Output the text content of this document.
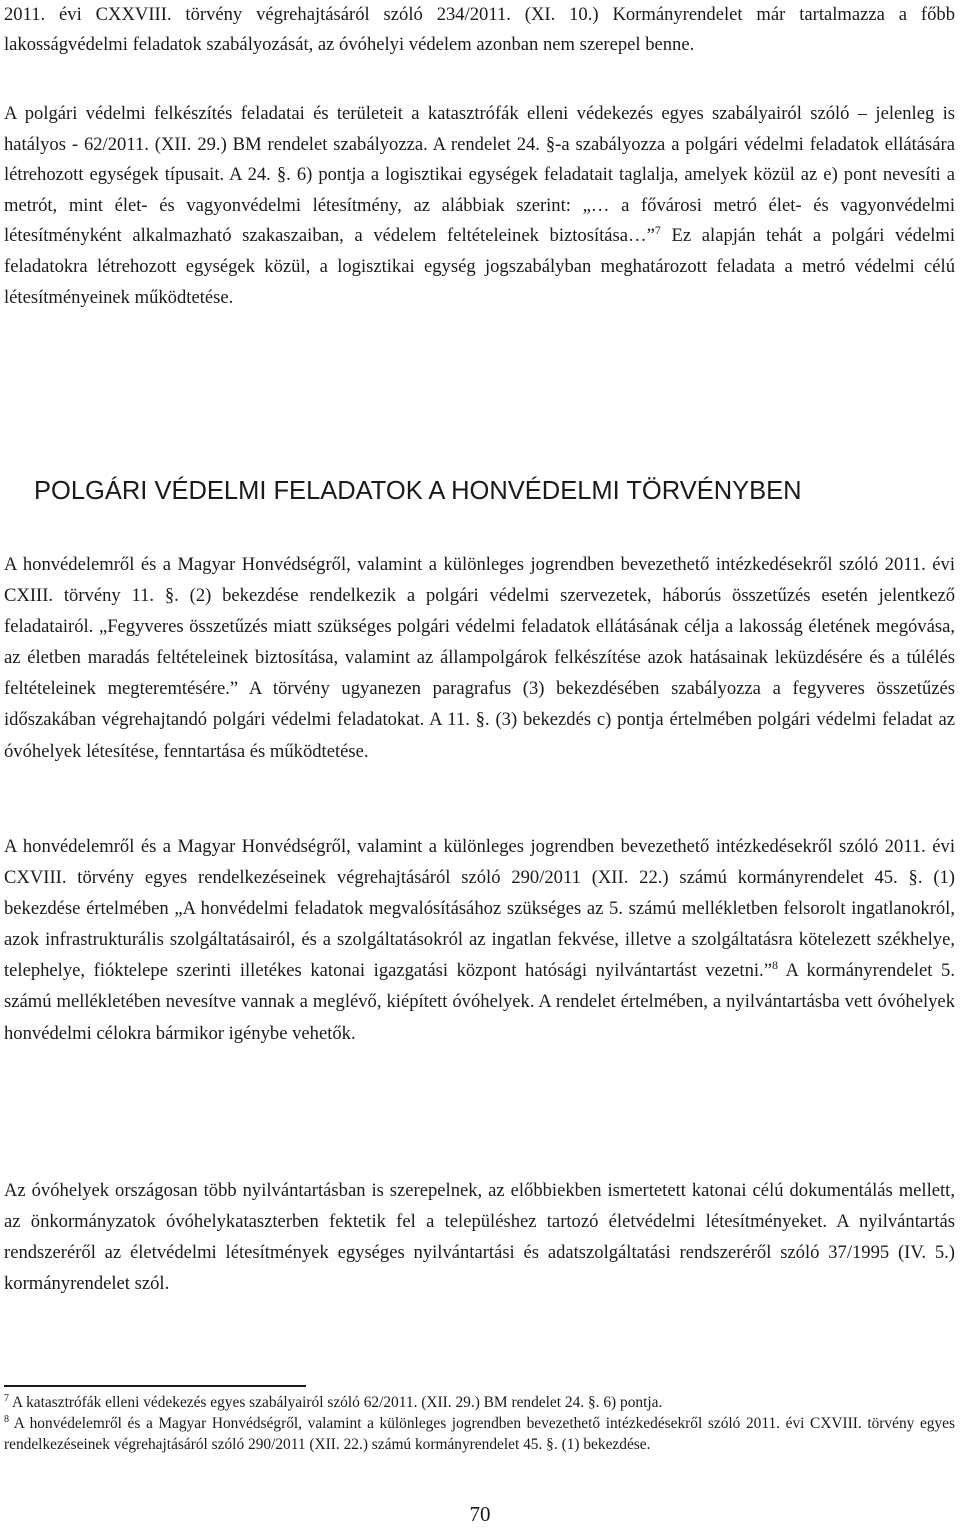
2011. évi CXXVIII. törvény végrehajtásáról szóló 234/2011. (XI. 10.) Kormányrendelet már tartalmazza a főbb lakosságvédelmi feladatok szabályozását, az óvóhelyi védelem azonban nem szerepel benne.

A polgári védelmi felkészítés feladatai és területeit a katasztrófák elleni védekezés egyes szabályairól szóló – jelenleg is hatályos - 62/2011. (XII. 29.) BM rendelet szabályozza. A rendelet 24. §-a szabályozza a polgári védelmi feladatok ellátására létrehozott egységek típusait. A 24. §. 6) pontja a logisztikai egységek feladatait taglalja, amelyek közül az e) pont nevesíti a metrót, mint élet- és vagyonvédelmi létesítmény, az alábbiak szerint: „… a fővárosi metró élet- és vagyonvédelmi létesítményként alkalmazható szakaszaiban, a védelem feltételeinek biztosítása…”$^7$ Ez alapján tehát a polgári védelmi feladatokra létrehozott egységek közül, a logisztikai egység jogszabályban meghatározott feladata a metró védelmi célú létesítményeinek működtetése.

POLGÁRI VÉDELMI FELADATOK A HONVÉDELMI TÖRVÉNYBEN

A honvédelemről és a Magyar Honvédségről, valamint a különleges jogrendben bevezethető intézkedésekről szóló 2011. évi CXIII. törvény 11. §. (2) bekezdése rendelkezik a polgári védelmi szervezetek, háborús összetűzés esetén jelentkező feladatairól. „Fegyveres összetűzés miatt szükséges polgári védelmi feladatok ellátásának célja a lakosság életének megóvása, az életben maradás feltételeinek biztosítása, valamint az állampolgárok felkészítése azok hatásainak leküzdésére és a túlélés feltételeinek megteremtésére.” A törvény ugyanezen paragrafus (3) bekezdésében szabályozza a fegyveres összetűzés időszakában végrehajtandó polgári védelmi feladatokat. A 11. §. (3) bekezdés c) pontja értelmében polgári védelmi feladat az óvóhelyek létesítése, fenntartása és működtetése.

A honvédelemről és a Magyar Honvédségről, valamint a különleges jogrendben bevezethető intézkedésekről szóló 2011. évi CXVIII. törvény egyes rendelkezéseinek végrehajtásáról szóló 290/2011 (XII. 22.) számú kormányrendelet 45. §. (1) bekezdése értelmében „A honvédelmi feladatok megvalósításához szükséges az 5. számú mellékletben felsorolt ingatlanokról, azok infrastrukturális szolgáltatásairól, és a szolgáltatásokról az ingatlan fekvése, illetve a szolgáltatásra kötelezett székhelye, telephelye, fióktelepe szerinti illetékes katonai igazgatási központ hatósági nyilvántartást vezetni.”$^8$ A kormányrendelet 5. számú mellékletében nevesítve vannak a meglévő, kiépített óvóhelyek. A rendelet értelmében, a nyilvántartásba vett óvóhelyek honvédelmi célokra bármikor igénybe vehetők.

Az óvóhelyek országosan több nyilvántartásban is szerepelnek, az előbbiekben ismertetett katonai célú dokumentálás mellett, az önkormányzatok óvóhelykataszterben fektetik fel a településhez tartozó életvédelmi létesítményeket. A nyilvántartás rendszeréről az életvédelmi létesítmények egységes nyilvántartási és adatszolgáltatási rendszeréről szóló 37/1995 (IV. 5.) kormányrendelet szól.

$^7$ A katasztrófák elleni védekezés egyes szabályairól szóló 62/2011. (XII. 29.) BM rendelet 24. §. 6) pontja.

$^8$ A honvédelemről és a Magyar Honvédségről, valamint a különleges jogrendben bevezethető intézkedésekről szóló 2011. évi CXVIII. törvény egyes rendelkezéseinek végrehajtásáról szóló 290/2011 (XII. 22.) számú kormányrendelet 45. §. (1) bekezdése.

70
